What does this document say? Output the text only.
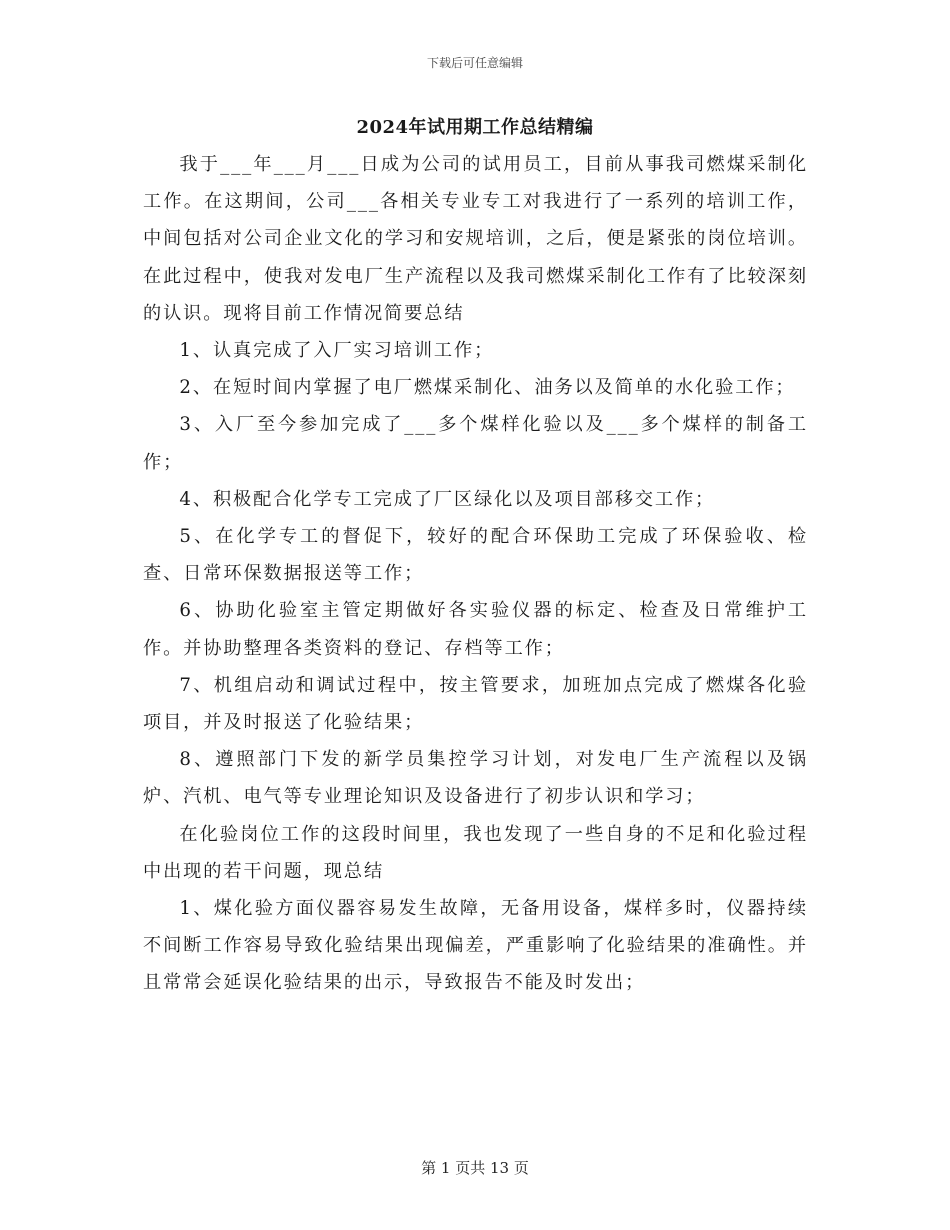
下载后可任意编辑
2024年试用期工作总结精编

我于___年___月___日成为公司的试用员工，目前从事我司燃煤采制化工作。在这期间，公司___各相关专业专工对我进行了一系列的培训工作，中间包括对公司企业文化的学习和安规培训，之后，便是紧张的岗位培训。在此过程中，使我对发电厂生产流程以及我司燃煤采制化工作有了比较深刻的认识。现将目前工作情况简要总结

1、认真完成了入厂实习培训工作；

2、在短时间内掌握了电厂燃煤采制化、油务以及简单的水化验工作；

3、入厂至今参加完成了___多个煤样化验以及___多个煤样的制备工作；

4、积极配合化学专工完成了厂区绿化以及项目部移交工作；

5、在化学专工的督促下，较好的配合环保助工完成了环保验收、检查、日常环保数据报送等工作；

6、协助化验室主管定期做好各实验仪器的标定、检查及日常维护工作。并协助整理各类资料的登记、存档等工作；

7、机组启动和调试过程中，按主管要求，加班加点完成了燃煤各化验项目，并及时报送了化验结果；

8、遵照部门下发的新学员集控学习计划，对发电厂生产流程以及锅炉、汽机、电气等专业理论知识及设备进行了初步认识和学习；

在化验岗位工作的这段时间里，我也发现了一些自身的不足和化验过程中出现的若干问题，现总结

1、煤化验方面仪器容易发生故障，无备用设备，煤样多时，仪器持续不间断工作容易导致化验结果出现偏差，严重影响了化验结果的准确性。并且常常会延误化验结果的出示，导致报告不能及时发出；

第 1 页共 13 页
